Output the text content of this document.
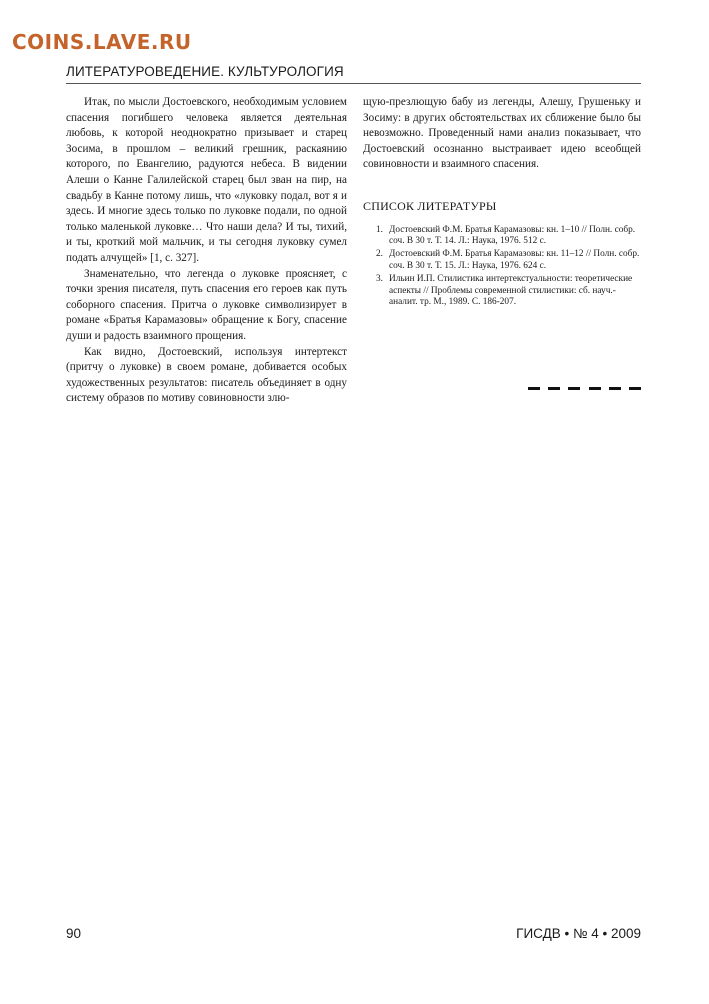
COINS.LAVE.RU
ЛИТЕРАТУРОВЕДЕНИЕ. КУЛЬТУРОЛОГИЯ

Итак, по мысли Достоевского, необходимым условием спасения погибшего человека является деятельная любовь, к которой неоднократно призывает и старец Зосима, в прошлом – великий грешник, раскаянию которого, по Евангелию, радуются небеса. В видении Алеши о Канне Галилейской старец был зван на пир, на свадьбу в Канне потому лишь, что «луковку подал, вот я и здесь. И многие здесь только по луковке подали, по одной только маленькой луковке… Что наши дела? И ты, тихий, и ты, кроткий мой мальчик, и ты сегодня луковку сумел подать алчущей» [1, с. 327].

Знаменательно, что легенда о луковке проясняет, с точки зрения писателя, путь спасения его героев как путь соборного спасения. Притча о луковке символизирует в романе «Братья Карамазовы» обращение к Богу, спасение души и радость взаимного прощения.

Как видно, Достоевский, используя интертекст (притчу о луковке) в своем романе, добивается особых художественных результатов: писатель объединяет в одну систему образов по мотиву совиновности злю-

щую-презлющую бабу из легенды, Алешу, Грушеньку и Зосиму: в других обстоятельствах их сближение было бы невозможно. Проведенный нами анализ показывает, что Достоевский осознанно выстраивает идею всеобщей совиновности и взаимного спасения.

СПИСОК ЛИТЕРАТУРЫ
1. Достоевский Ф.М. Братья Карамазовы: кн. 1–10 // Полн. собр. соч. В 30 т. Т. 14. Л.: Наука, 1976. 512 с.
2. Достоевский Ф.М. Братья Карамазовы: кн. 11–12 // Полн. собр. соч. В 30 т. Т. 15. Л.: Наука, 1976. 624 с.
3. Ильин И.П. Стилистика интертекстуальности: теоретические аспекты // Проблемы современной стилистики: сб. науч.-аналит. тр. М., 1989. С. 186-207.
90	ГИСДВ • № 4 • 2009
